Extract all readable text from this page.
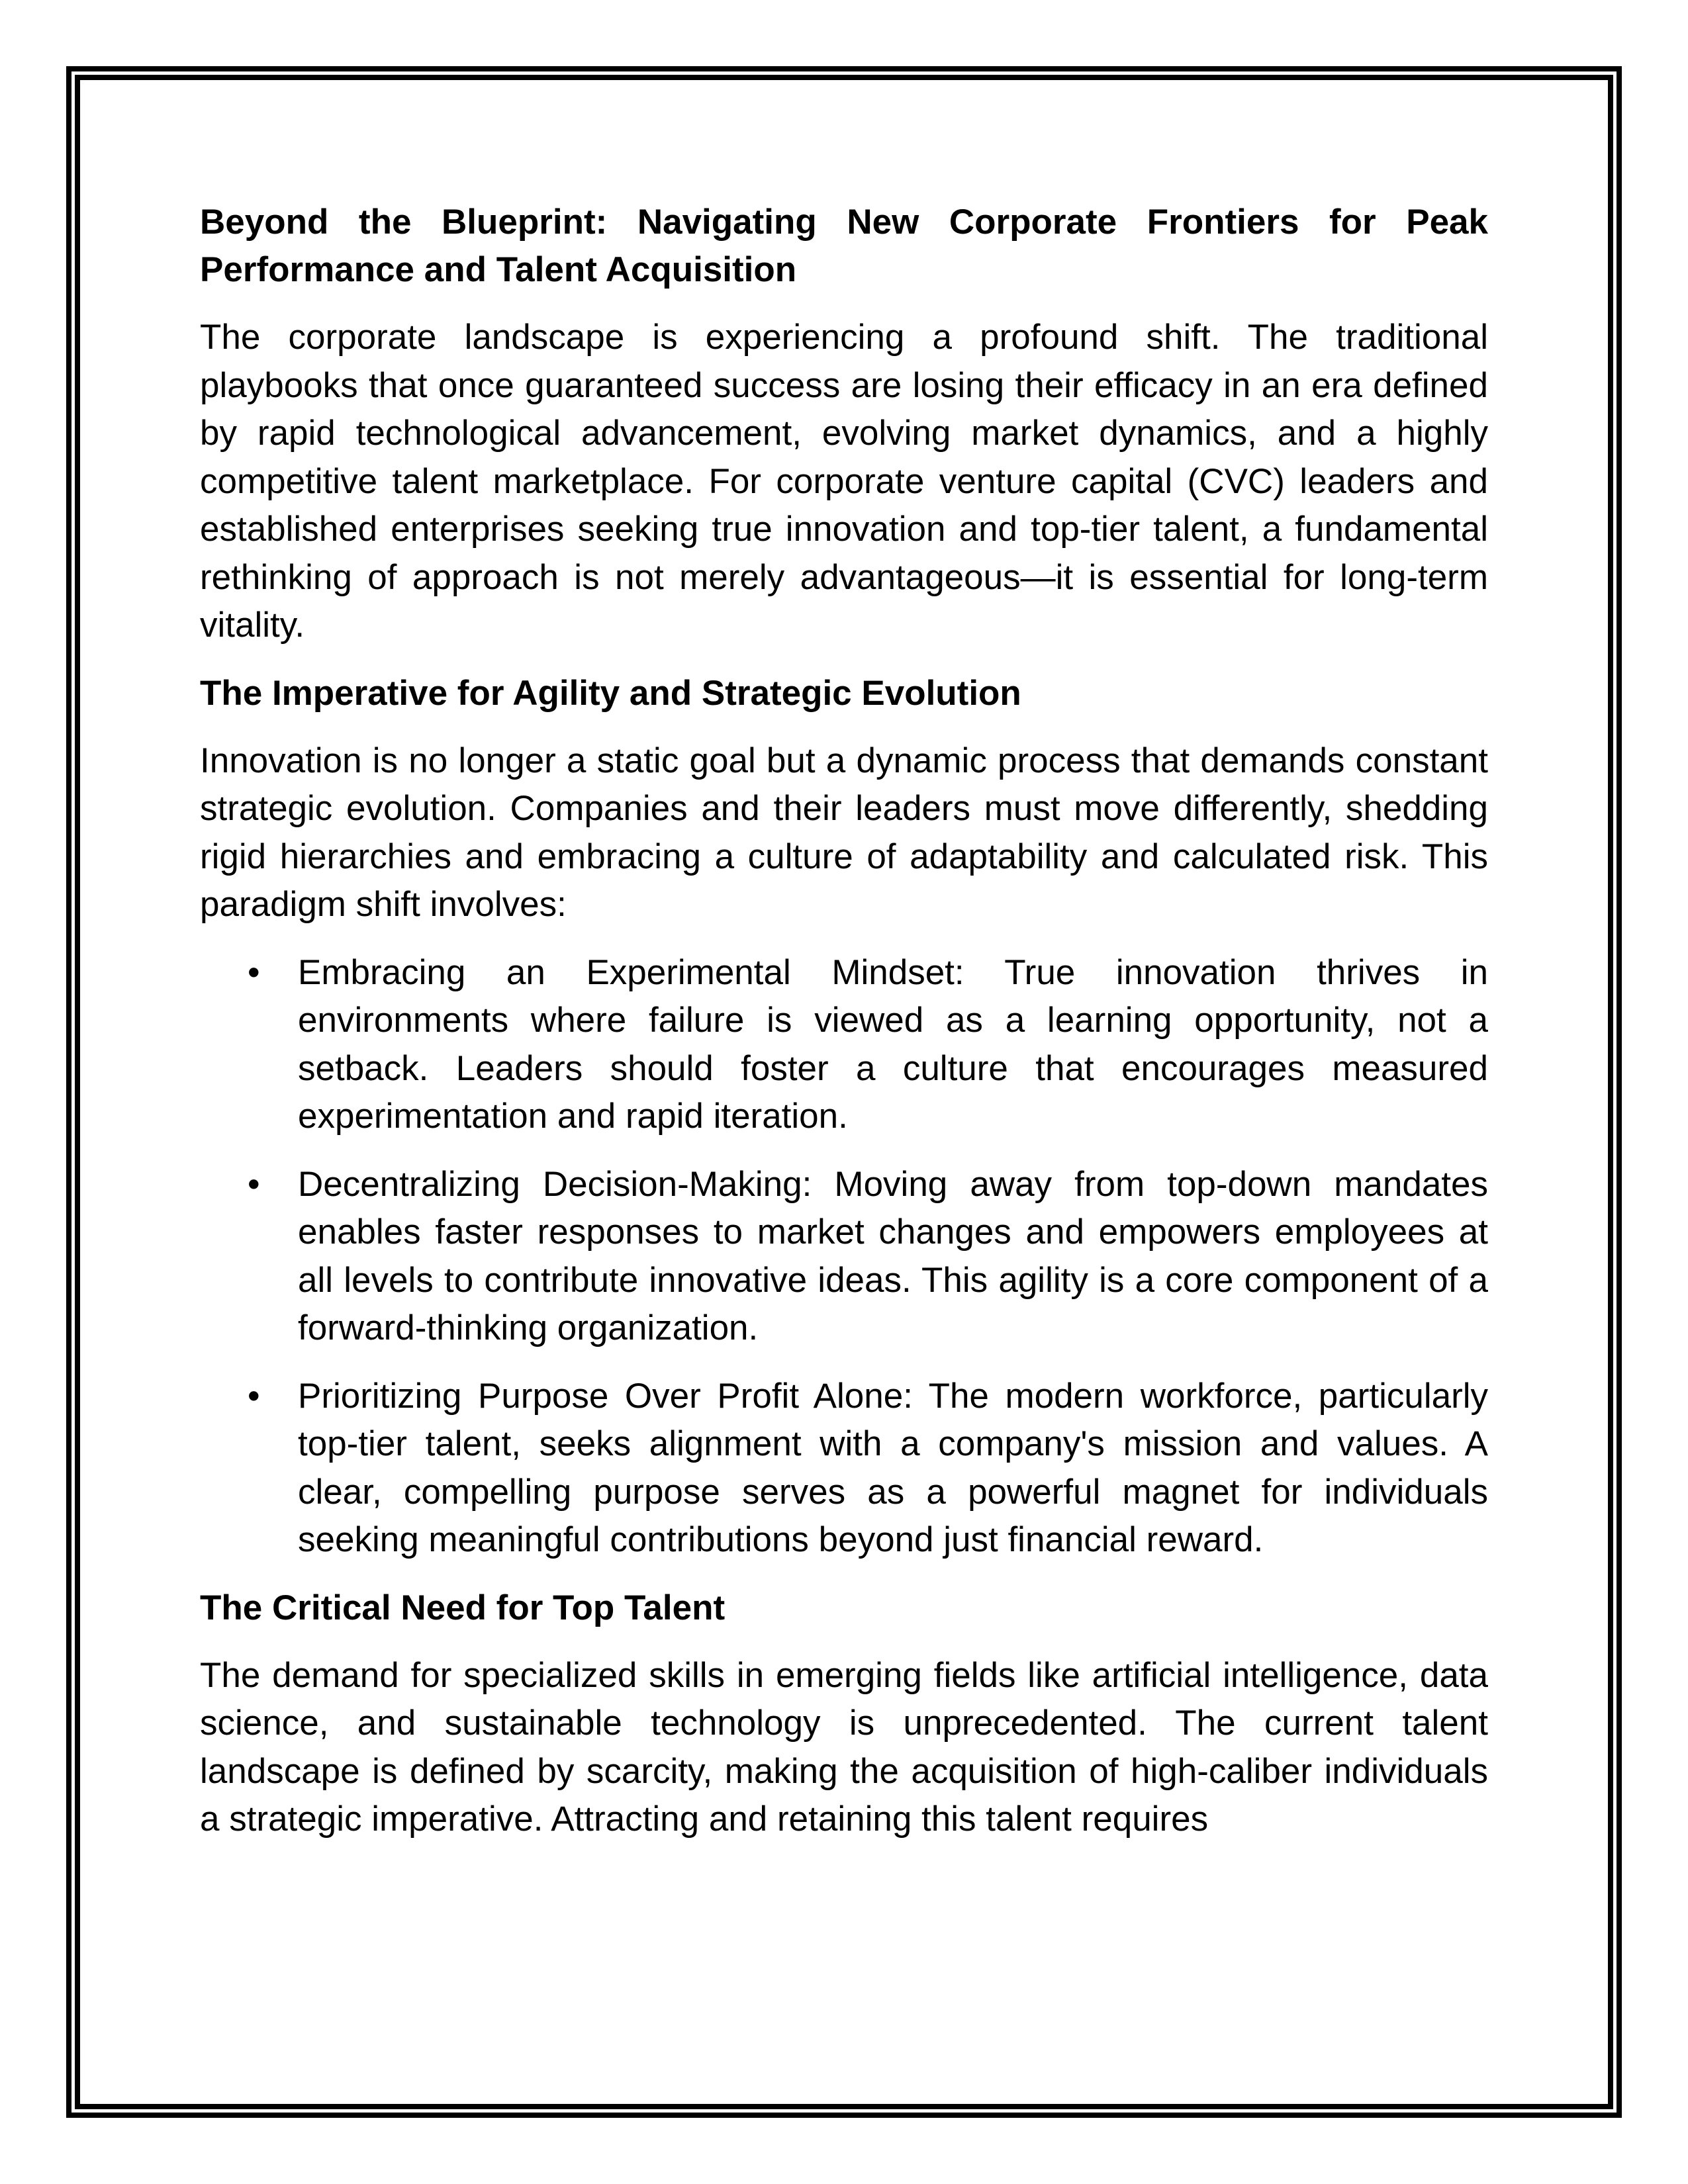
Beyond the Blueprint: Navigating New Corporate Frontiers for Peak Performance and Talent Acquisition

The corporate landscape is experiencing a profound shift. The traditional playbooks that once guaranteed success are losing their efficacy in an era defined by rapid technological advancement, evolving market dynamics, and a highly competitive talent marketplace. For corporate venture capital (CVC) leaders and established enterprises seeking true innovation and top-tier talent, a fundamental rethinking of approach is not merely advantageous—it is essential for long-term vitality.

The Imperative for Agility and Strategic Evolution

Innovation is no longer a static goal but a dynamic process that demands constant strategic evolution. Companies and their leaders must move differently, shedding rigid hierarchies and embracing a culture of adaptability and calculated risk. This paradigm shift involves:

• Embracing an Experimental Mindset: True innovation thrives in environments where failure is viewed as a learning opportunity, not a setback. Leaders should foster a culture that encourages measured experimentation and rapid iteration.
• Decentralizing Decision-Making: Moving away from top-down mandates enables faster responses to market changes and empowers employees at all levels to contribute innovative ideas. This agility is a core component of a forward-thinking organization.
• Prioritizing Purpose Over Profit Alone: The modern workforce, particularly top-tier talent, seeks alignment with a company's mission and values. A clear, compelling purpose serves as a powerful magnet for individuals seeking meaningful contributions beyond just financial reward.
The Critical Need for Top Talent

The demand for specialized skills in emerging fields like artificial intelligence, data science, and sustainable technology is unprecedented. The current talent landscape is defined by scarcity, making the acquisition of high-caliber individuals a strategic imperative. Attracting and retaining this talent requires
